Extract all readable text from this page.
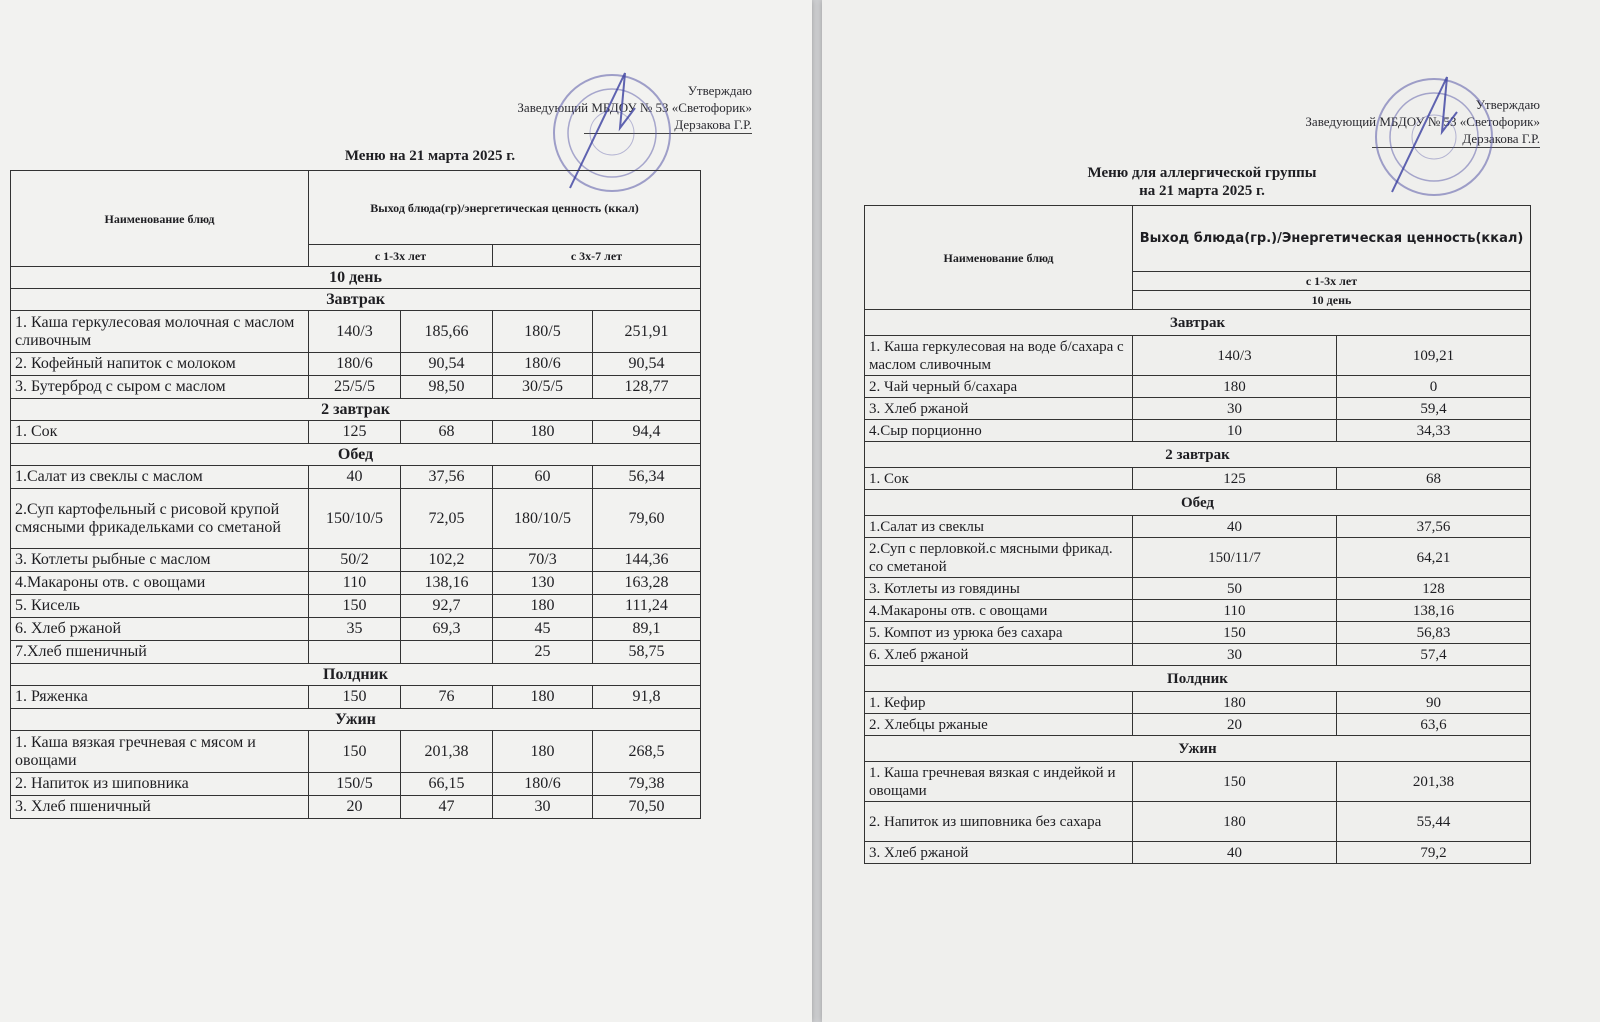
Утверждаю
Заведующий МБДОУ № 53 «Светофорик»
Дерзакова Г.Р.
Меню на 21 марта 2025 г.
Наименование блюд	Выход блюда(гр)/энергетическая ценность (ккал)			
	с 1-3х лет		с 3х-7 лет	
10 день				
Завтрак				
1. Каша геркулесовая молочная с маслом сливочным	140/3	185,66	180/5	251,91
2. Кофейный напиток с молоком	180/6	90,54	180/6	90,54
3. Бутерброд с сыром с маслом	25/5/5	98,50	30/5/5	128,77
2 завтрак				
1. Сок	125	68	180	94,4
Обед				
1.Салат из свеклы с маслом	40	37,56	60	56,34
2.Суп картофельный с рисовой крупой смясными фрикадельками со сметаной	150/10/5	72,05	180/10/5	79,60
3. Котлеты рыбные с маслом	50/2	102,2	70/3	144,36
4.Макароны отв. с овощами	110	138,16	130	163,28
5. Кисель	150	92,7	180	111,24
6. Хлеб ржаной	35	69,3	45	89,1
7.Хлеб пшеничный			25	58,75
Полдник				
1. Ряженка	150	76	180	91,8
Ужин				
1. Каша вязкая гречневая с мясом и овощами	150	201,38	180	268,5
2. Напиток из шиповника	150/5	66,15	180/6	79,38
3. Хлеб пшеничный	20	47	30	70,50
Утверждаю
Заведующий МБДОУ № 53 «Светофорик»
Дерзакова Г.Р.
Меню для аллергической группы
на 21 марта 2025 г.
Наименование блюд	Выход блюда(гр.)/Энергетическая ценность(ккал)	
	с 1-3х лет	
	10 день	
Завтрак		
1. Каша геркулесовая на воде б/сахара с маслом сливочным	140/3	109,21
2. Чай черный б/сахара	180	0
3. Хлеб ржаной	30	59,4
4.Сыр порционно	10	34,33
2 завтрак		
1. Сок	125	68
Обед		
1.Салат из свеклы	40	37,56
2.Суп с перловкой.с мясными фрикад. со сметаной	150/11/7	64,21
3. Котлеты из говядины	50	128
4.Макароны отв. с овощами	110	138,16
5. Компот из урюка без сахара	150	56,83
6. Хлеб ржаной	30	57,4
Полдник		
1. Кефир	180	90
2. Хлебцы ржаные	20	63,6
Ужин		
1. Каша гречневая вязкая с индейкой и овощами	150	201,38
2. Напиток из шиповника без сахара	180	55,44
3. Хлеб ржаной	40	79,2
